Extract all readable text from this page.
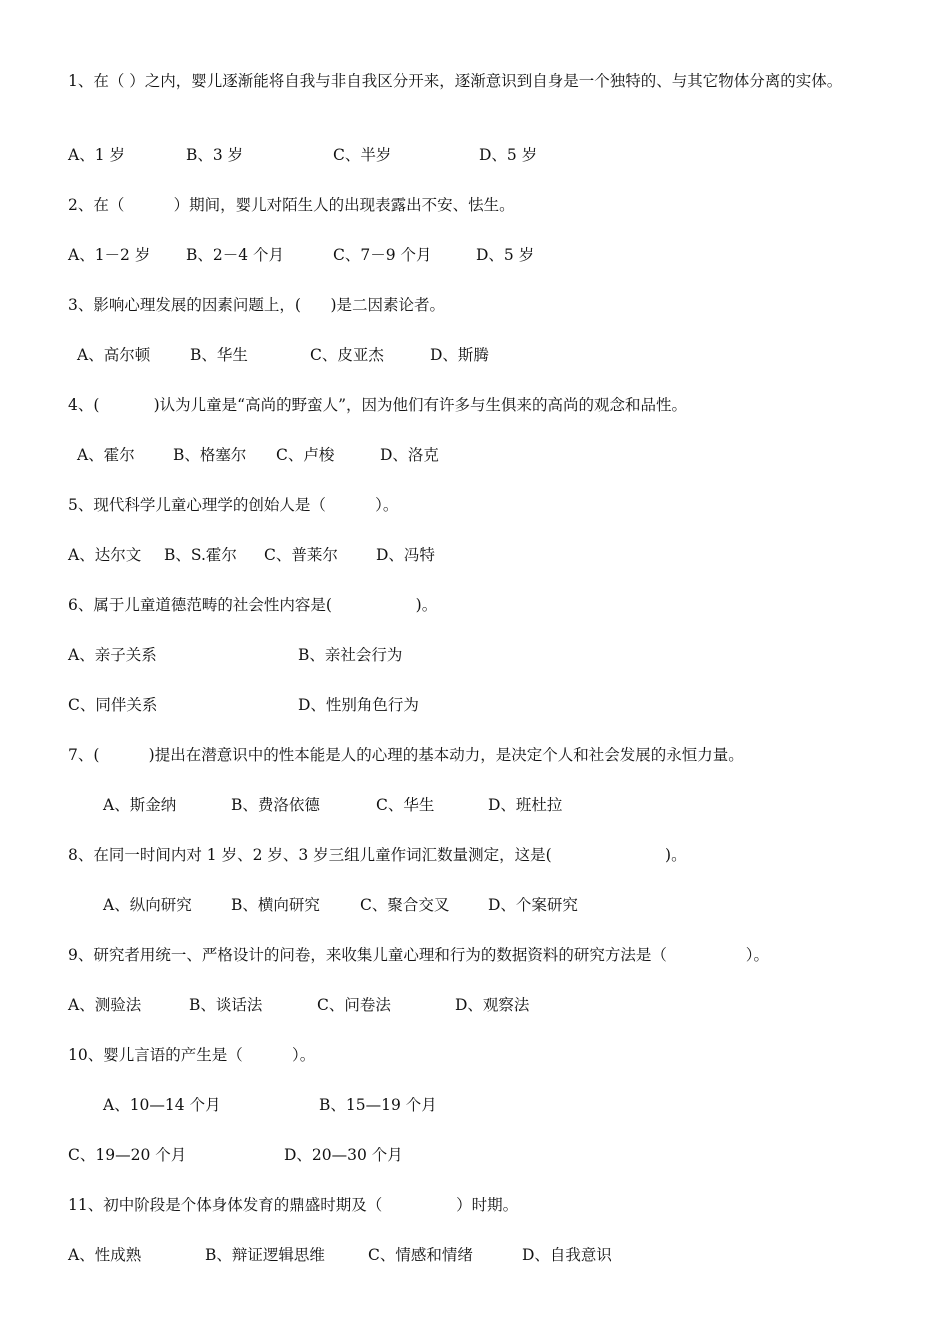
1、在（ ）之内，婴儿逐渐能将自我与非自我区分开来，逐渐意识到自身是一个独特的、与其它物体分离的实体。
A、1 岁	B、3 岁	C、半岁	D、5 岁
2、在（          ）期间，婴儿对陌生人的出现表露出不安、怯生。
A、1－2 岁 B、2－4 个月	C、7－9 个月	D、5 岁
3、影响心理发展的因素问题上，(      )是二因素论者。
A、高尔顿	B、华生	C、皮亚杰	D、斯腾
4、(           )认为儿童是“高尚的野蛮人”，因为他们有许多与生俱来的高尚的观念和品性。
A、霍尔 B、格塞尔 C、卢梭	D、洛克
5、现代科学儿童心理学的创始人是（          ）。
A、达尔文 B、S.霍尔 C、普莱尔 D、冯特
6、属于儿童道德范畴的社会性内容是(                 )。
A、亲子关系	B、亲社会行为
C、同伴关系	D、性别角色行为
7、(          )提出在潜意识中的性本能是人的心理的基本动力，是决定个人和社会发展的永恒力量。
A、斯金纳	B、费洛依德	C、华生	D、班杜拉
8、在同一时间内对 1 岁、2 岁、3 岁三组儿童作词汇数量测定，这是(                       )。
A、纵向研究	B、横向研究	C、聚合交叉 D、个案研究
9、研究者用统一、严格设计的问卷，来收集儿童心理和行为的数据资料的研究方法是（                ）。
A、测验法	B、谈话法	C、问卷法	D、观察法
10、婴儿言语的产生是（          ）。
A、10—14 个月	B、15—19 个月
C、19—20 个月	D、20—30 个月
11、初中阶段是个体身体发育的鼎盛时期及（               ）时期。
A、性成熟	B、辩证逻辑思维	C、情感和情绪	D、自我意识
